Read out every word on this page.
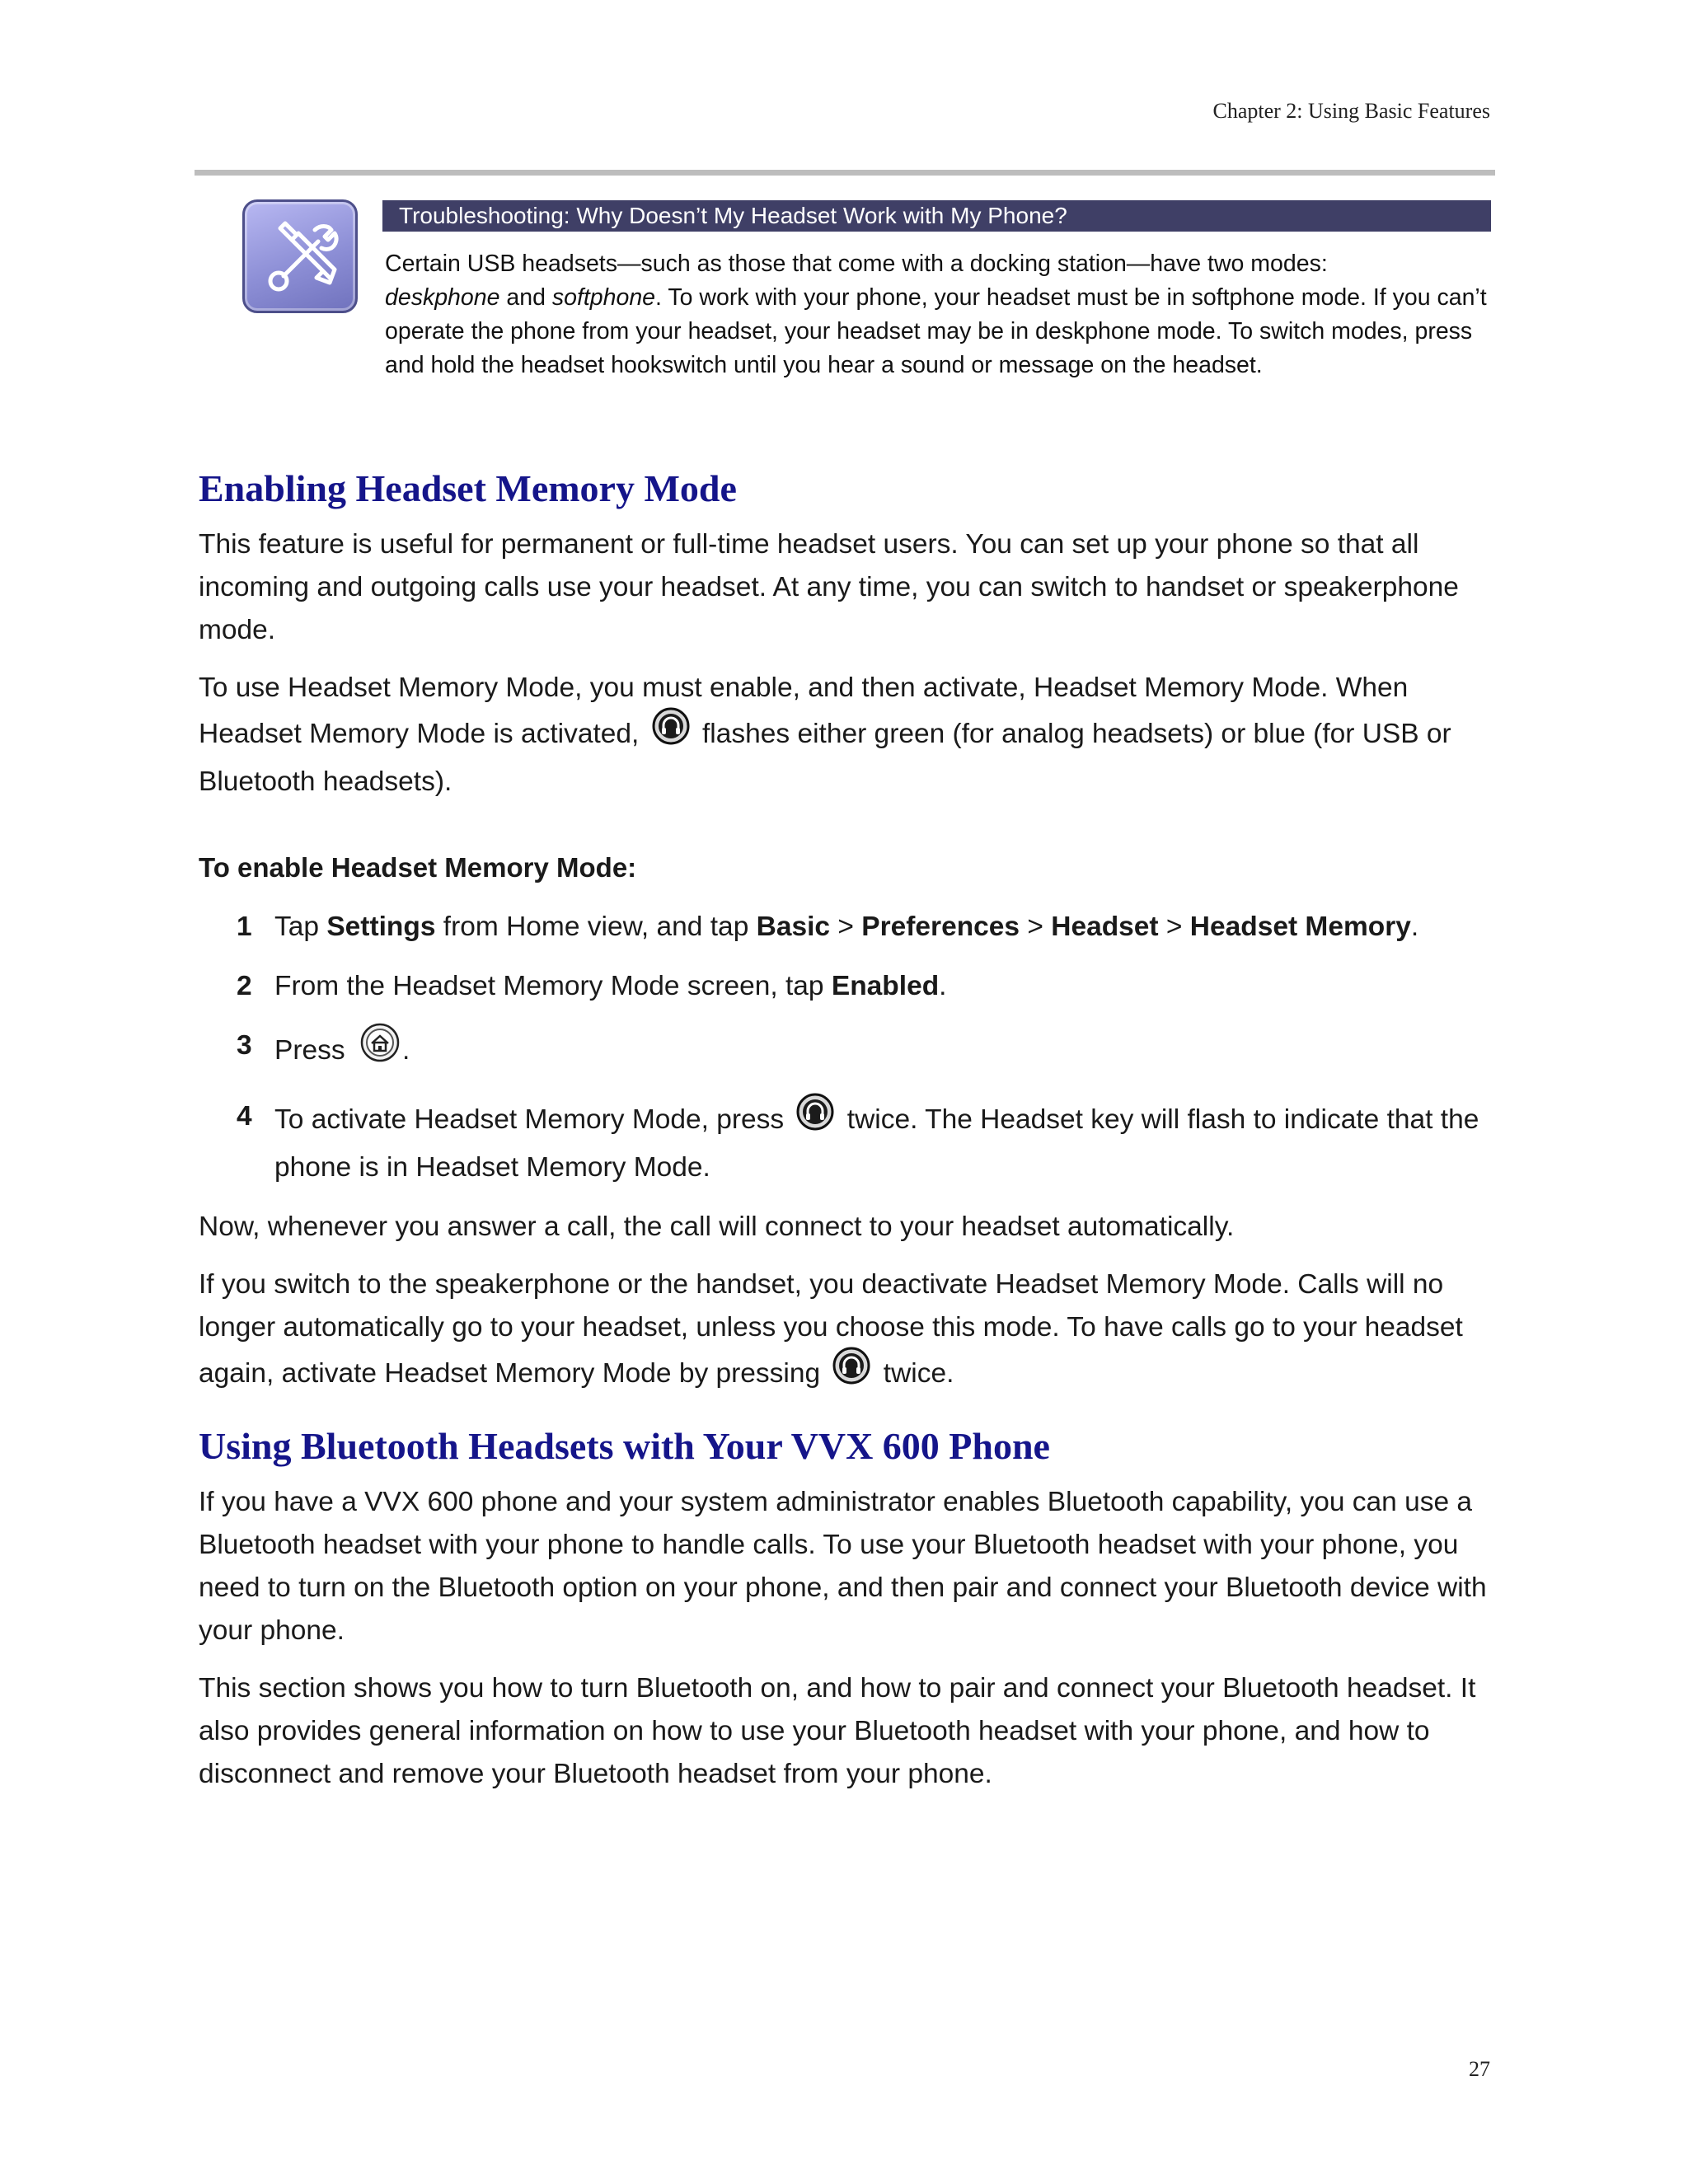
Chapter 2: Using Basic Features
Troubleshooting: Why Doesn’t My Headset Work with My Phone?

Certain USB headsets—such as those that come with a docking station—have two modes:
deskphone and softphone. To work with your phone, your headset must be in softphone mode. If you can’t operate the phone from your headset, your headset may be in deskphone mode. To switch modes, press and hold the headset hookswitch until you hear a sound or message on the headset.

Enabling Headset Memory Mode

This feature is useful for permanent or full-time headset users. You can set up your phone so that all incoming and outgoing calls use your headset. At any time, you can switch to handset or speakerphone mode.

To use Headset Memory Mode, you must enable, and then activate, Headset Memory Mode. When Headset Memory Mode is activated, flashes either green (for analog headsets) or blue (for USB or Bluetooth headsets).

To enable Headset Memory Mode:
1 Tap Settings from Home view, and tap Basic > Preferences > Headset > Headset Memory.
2 From the Headset Memory Mode screen, tap Enabled.
3 Press .
4 To activate Headset Memory Mode, press twice. The Headset key will flash to indicate that the phone is in Headset Memory Mode.

Now, whenever you answer a call, the call will connect to your headset automatically.

If you switch to the speakerphone or the handset, you deactivate Headset Memory Mode. Calls will no longer automatically go to your headset, unless you choose this mode. To have calls go to your headset again, activate Headset Memory Mode by pressing twice.

Using Bluetooth Headsets with Your VVX 600 Phone

If you have a VVX 600 phone and your system administrator enables Bluetooth capability, you can use a Bluetooth headset with your phone to handle calls. To use your Bluetooth headset with your phone, you need to turn on the Bluetooth option on your phone, and then pair and connect your Bluetooth device with your phone.

This section shows you how to turn Bluetooth on, and how to pair and connect your Bluetooth headset. It also provides general information on how to use your Bluetooth headset with your phone, and how to disconnect and remove your Bluetooth headset from your phone.

27
